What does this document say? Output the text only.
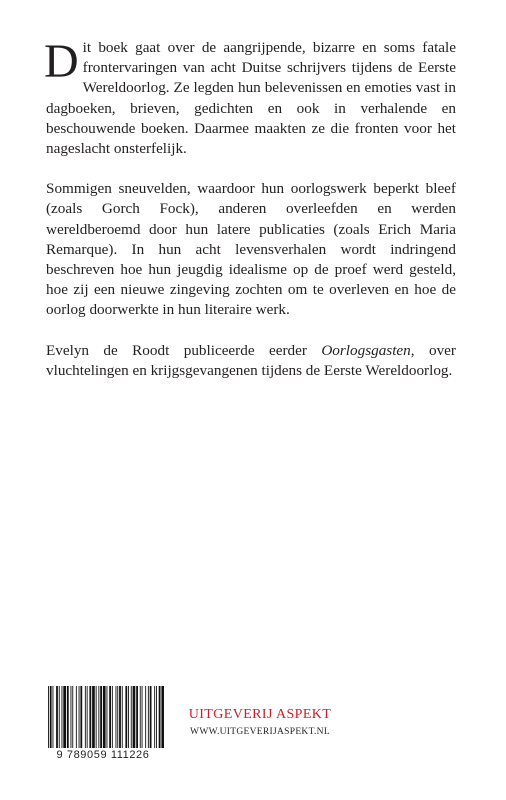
Dit boek gaat over de aangrijpende, bizarre en soms fatale frontervaringen van acht Duitse schrijvers tijdens de Eerste Wereldoorlog. Ze legden hun belevenissen en emoties vast in dagboeken, brieven, gedichten en ook in verhalende en beschouwende boeken. Daarmee maakten ze die fronten voor het nageslacht onsterfelijk.

Sommigen sneuvelden, waardoor hun oorlogswerk beperkt bleef (zoals Gorch Fock), anderen overleefden en werden wereldberoemd door hun latere publicaties (zoals Erich Maria Remarque). In hun acht levensverhalen wordt indringend beschreven hoe hun jeugdig idealisme op de proef werd gesteld, hoe zij een nieuwe zingeving zochten om te overleven en hoe de oorlog doorwerkte in hun literaire werk.

Evelyn de Roodt publiceerde eerder Oorlogsgasten, over vluchtelingen en krijgsgevangenen tijdens de Eerste Wereldoorlog.

9 789059 111226
UITGEVERIJ ASPEKT
WWW.UITGEVERIJASPEKT.NL
